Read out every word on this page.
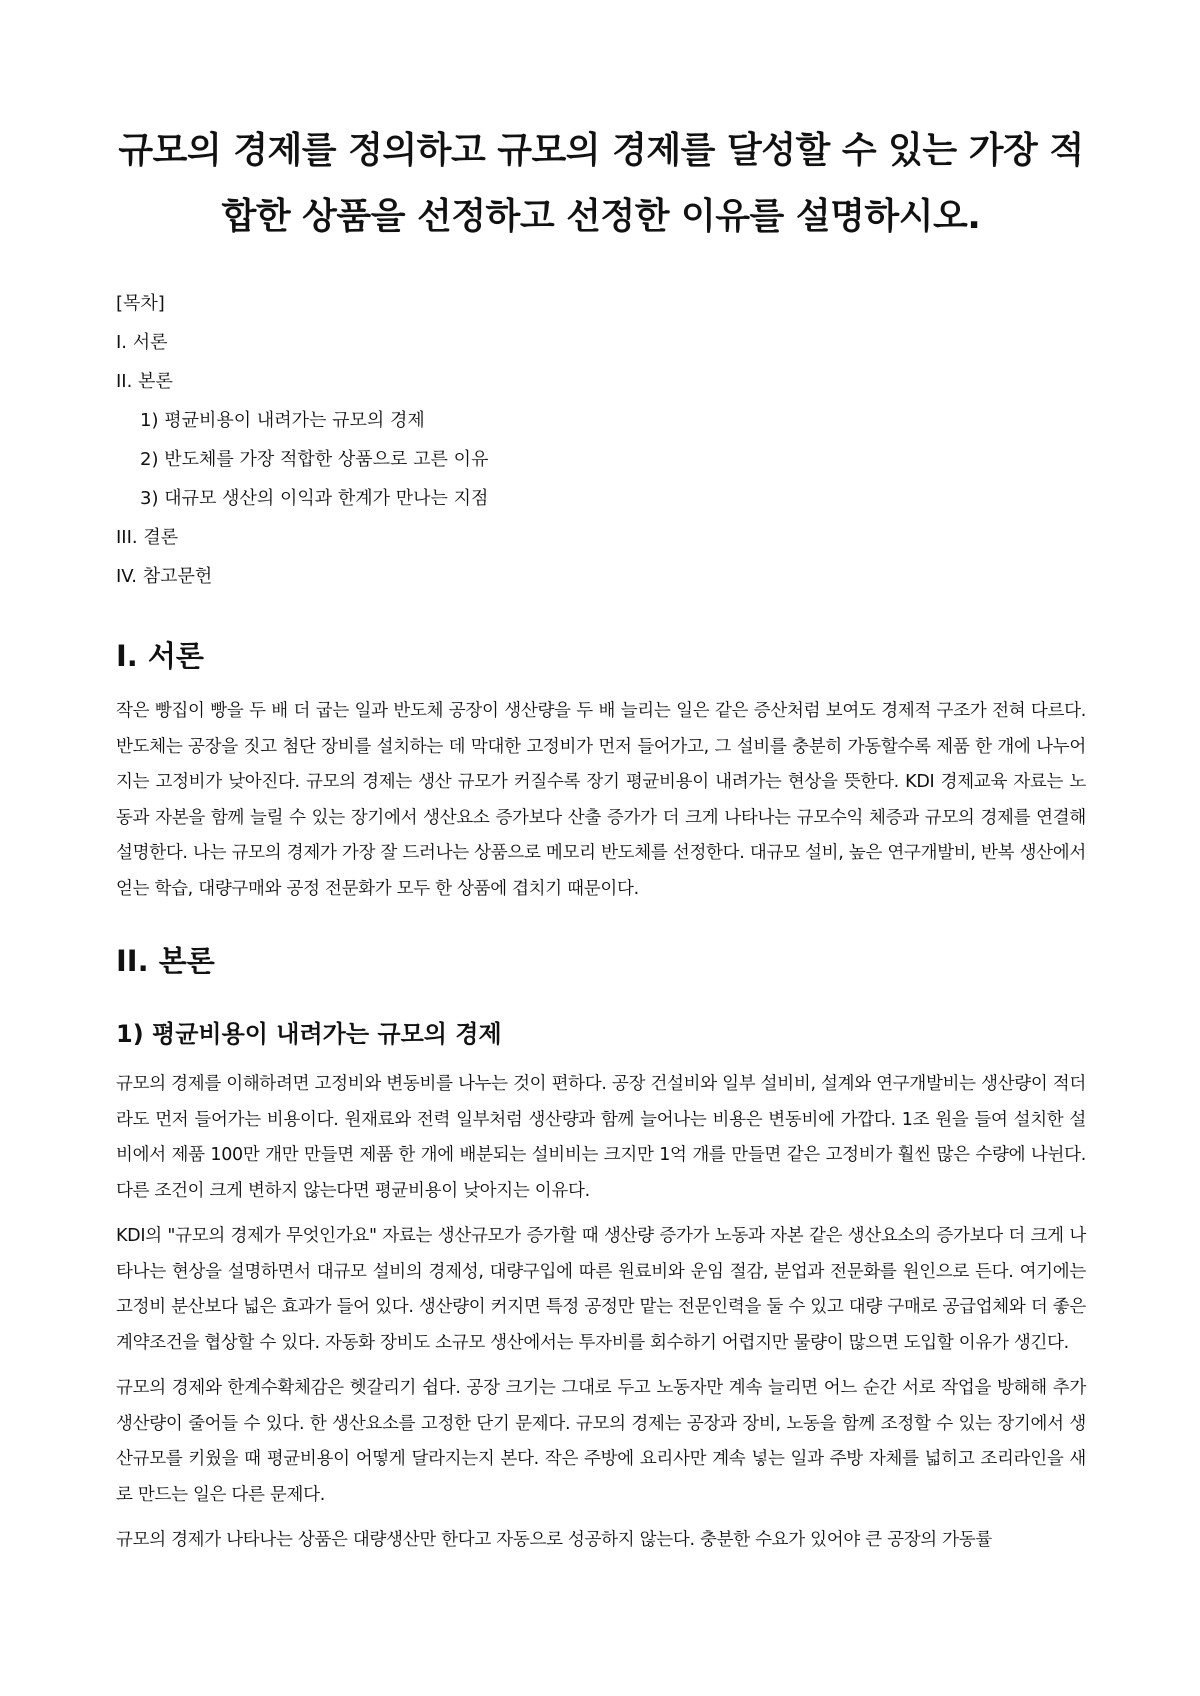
규모의 경제를 정의하고 규모의 경제를 달성할 수 있는 가장 적합한 상품을 선정하고 선정한 이유를 설명하시오.
[목차]
I. 서론
II. 본론
1) 평균비용이 내려가는 규모의 경제
2) 반도체를 가장 적합한 상품으로 고른 이유
3) 대규모 생산의 이익과 한계가 만나는 지점
III. 결론
IV. 참고문헌
I. 서론

작은 빵집이 빵을 두 배 더 굽는 일과 반도체 공장이 생산량을 두 배 늘리는 일은 같은 증산처럼 보여도 경제적 구조가 전혀 다르다. 반도체는 공장을 짓고 첨단 장비를 설치하는 데 막대한 고정비가 먼저 들어가고, 그 설비를 충분히 가동할수록 제품 한 개에 나누어지는 고정비가 낮아진다. 규모의 경제는 생산 규모가 커질수록 장기 평균비용이 내려가는 현상을 뜻한다. KDI 경제교육 자료는 노동과 자본을 함께 늘릴 수 있는 장기에서 생산요소 증가보다 산출 증가가 더 크게 나타나는 규모수익 체증과 규모의 경제를 연결해 설명한다. 나는 규모의 경제가 가장 잘 드러나는 상품으로 메모리 반도체를 선정한다. 대규모 설비, 높은 연구개발비, 반복 생산에서 얻는 학습, 대량구매와 공정 전문화가 모두 한 상품에 겹치기 때문이다.

II. 본론
1) 평균비용이 내려가는 규모의 경제

규모의 경제를 이해하려면 고정비와 변동비를 나누는 것이 편하다. 공장 건설비와 일부 설비비, 설계와 연구개발비는 생산량이 적더라도 먼저 들어가는 비용이다. 원재료와 전력 일부처럼 생산량과 함께 늘어나는 비용은 변동비에 가깝다. 1조 원을 들여 설치한 설비에서 제품 100만 개만 만들면 제품 한 개에 배분되는 설비비는 크지만 1억 개를 만들면 같은 고정비가 훨씬 많은 수량에 나뉜다. 다른 조건이 크게 변하지 않는다면 평균비용이 낮아지는 이유다.

KDI의 "규모의 경제가 무엇인가요" 자료는 생산규모가 증가할 때 생산량 증가가 노동과 자본 같은 생산요소의 증가보다 더 크게 나타나는 현상을 설명하면서 대규모 설비의 경제성, 대량구입에 따른 원료비와 운임 절감, 분업과 전문화를 원인으로 든다. 여기에는 고정비 분산보다 넓은 효과가 들어 있다. 생산량이 커지면 특정 공정만 맡는 전문인력을 둘 수 있고 대량 구매로 공급업체와 더 좋은 계약조건을 협상할 수 있다. 자동화 장비도 소규모 생산에서는 투자비를 회수하기 어렵지만 물량이 많으면 도입할 이유가 생긴다.

규모의 경제와 한계수확체감은 헷갈리기 쉽다. 공장 크기는 그대로 두고 노동자만 계속 늘리면 어느 순간 서로 작업을 방해해 추가 생산량이 줄어들 수 있다. 한 생산요소를 고정한 단기 문제다. 규모의 경제는 공장과 장비, 노동을 함께 조정할 수 있는 장기에서 생산규모를 키웠을 때 평균비용이 어떻게 달라지는지 본다. 작은 주방에 요리사만 계속 넣는 일과 주방 자체를 넓히고 조리라인을 새로 만드는 일은 다른 문제다.

규모의 경제가 나타나는 상품은 대량생산만 한다고 자동으로 성공하지 않는다. 충분한 수요가 있어야 큰 공장의 가동률
